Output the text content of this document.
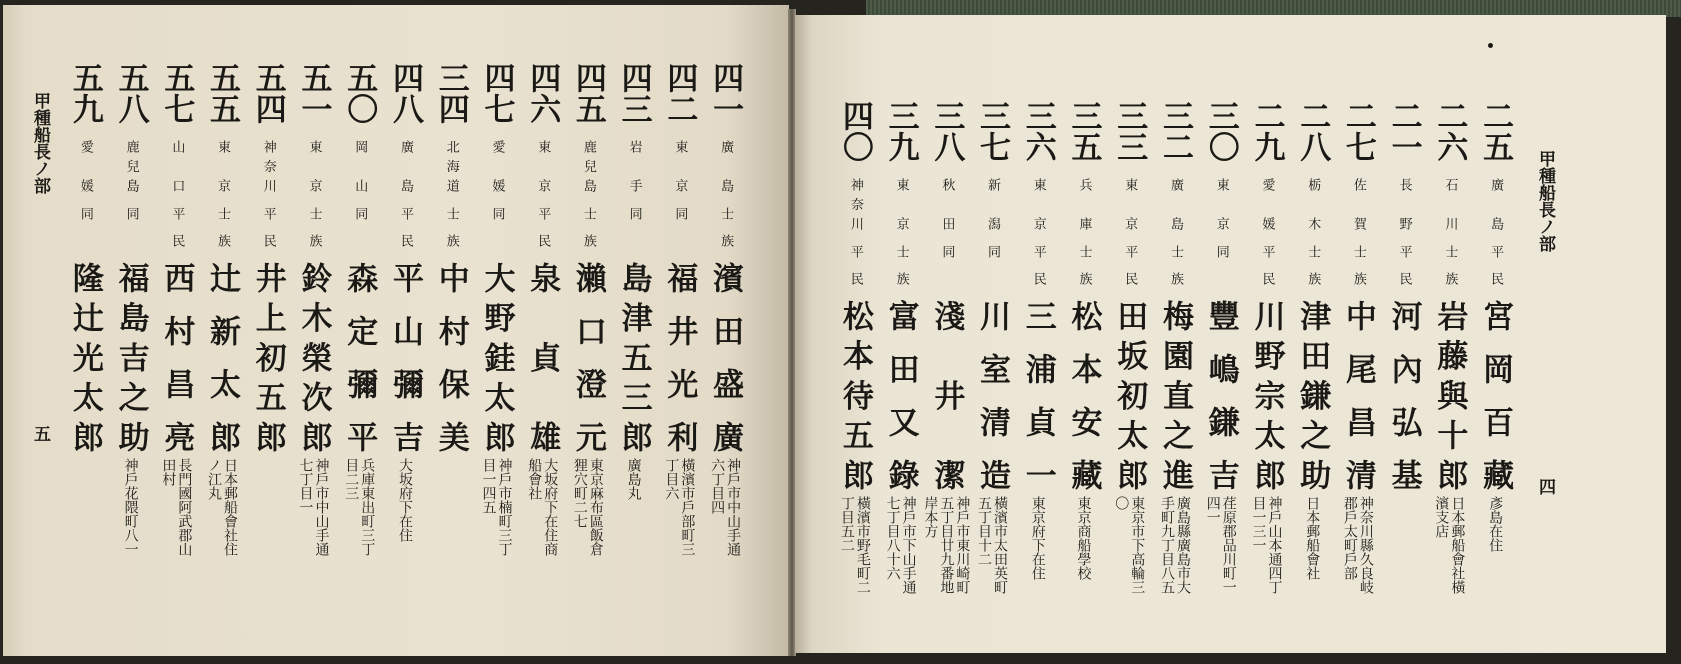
甲種船長ノ部
五
四一
廣島
士族
濱田盛廣
神戶市中山手通六丁目四
四二
東京
同
福井光利
橫濱市戶部町三丁目六
四三
岩手
同
島津五三郎
廣島丸
四五
鹿兒島
士族
瀨口澄元
東京麻布區飯倉狸穴町二七
四六
東京
平民
泉貞雄
大坂府下在住商船會社
四七
愛媛
同
大野銈太郎
神戶市楠町三丁目一四五
三四
北海道
士族
中村保美
四八
廣島
平民
平山彌吉
大坂府下在住
五〇
岡山
同
森定彌平
兵庫東出町三丁目二三
五一
東京
士族
鈴木榮次郎
神戶市中山手通七丁目一
五四
神奈川
平民
井上初五郎
五五
東京
士族
辻新太郎
日本郵船會社住ノ江丸
五七
山口
平民
西村昌亮
長門國阿武郡山田村
五八
鹿兒島
同
福島吉之助
神戶花隈町八一
五九
愛媛
同
隆辻光太郎
甲種船長ノ部
四
二五
廣島
平民
宮岡百藏
彥島在住
二六
石川
士族
岩藤與十郎
日本郵船會社橫濱支店
二一
長野
平民
河內弘基
二七
佐賀
士族
中尾昌清
神奈川縣久良岐郡戶太町戶部
二八
栃木
士族
津田鎌之助
日本郵船會社
二九
愛媛
平民
川野宗太郎
神戶山本通四丁目一三一
三〇
東京
同
豐嶋鎌吉
荏原郡品川町一四一
三二
廣島
士族
梅園直之進
廣島縣廣島市大手町九丁目八五
三三
東京
平民
田坂初太郎
東京市下高輪三〇
三五
兵庫
士族
松本安藏
東京商船學校
三六
東京
平民
三浦貞一
東京府下在住
三七
新潟
同
川室清造
橫濱市太田英町五丁目十二
三八
秋田
同
淺井潔
神戶市東川崎町五丁目廿九番地岸本方
三九
東京
士族
富田又錄
神戶市下山手通七丁目八十六
四〇
神奈川
平民
松本待五郎
橫濱市野毛町二丁目五二
